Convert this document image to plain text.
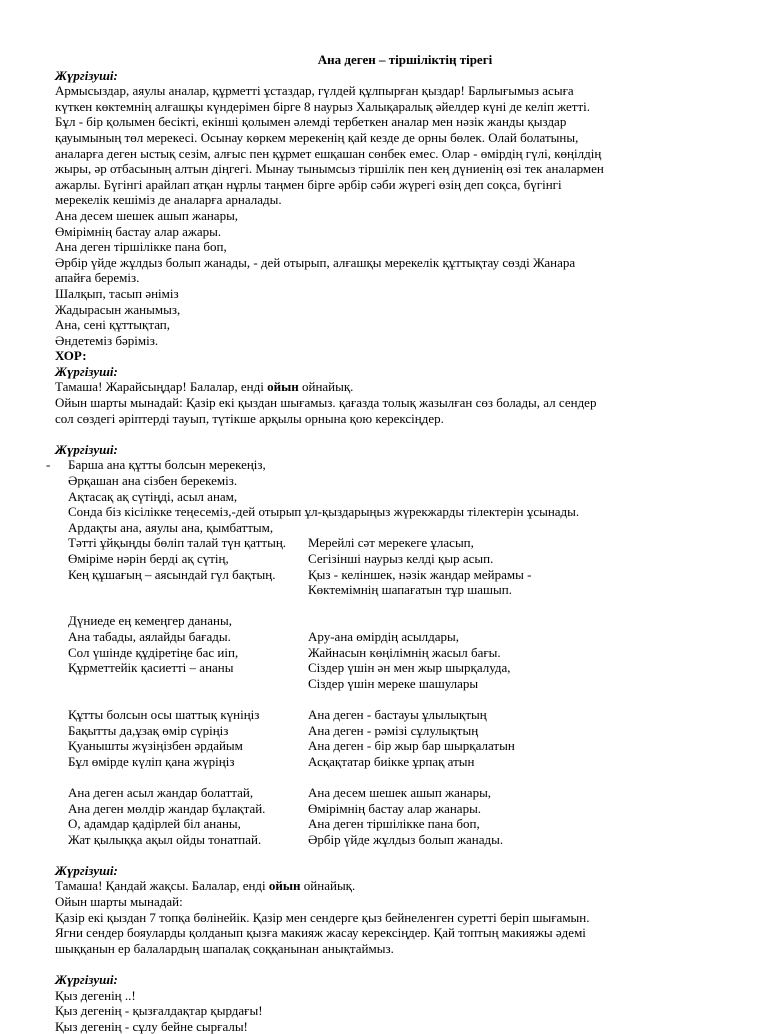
Ана деген – тіршіліктің тірегі
Жүргізуші:
Армысыздар, аяулы аналар, құрметті ұстаздар, гүлдей құлпырған қыздар! Барлығымыз асыға
күткен көктемнің алғашқы күндерімен бірге 8 наурыз Халықаралық әйелдер күні де келіп жетті.
Бұл - бір қолымен бесікті, екінші қолымен әлемді тербеткен аналар мен нәзік жанды қыздар
қауымының төл мерекесі. Осынау көркем мерекенің қай кезде де орны бөлек. Олай болатыны,
аналарға деген ыстық сезім, алғыс пен құрмет ешқашан сөнбек емес. Олар - өмірдің гүлі, көңілдің
жыры, әр отбасының алтын діңгегі. Мынау тынымсыз тіршілік пен кең дүниенің өзі тек аналармен
ажарлы. Бүгінгі арайлап атқан нұрлы таңмен бірге әрбір сәби жүрегі өзің деп соқса, бүгінгі
мерекелік кешіміз де аналарға арналады.
Ана десем шешек ашып жанары,
Өмірімнің бастау алар ажары.
Ана деген тіршілікке пана боп,
Әрбір үйде жұлдыз болып жанады, - дей отырып, алғашқы мерекелік құттықтау сөзді Жанара
апайға береміз.
Шалқып, тасып әніміз
Жадырасын жанымыз,
Ана, сені құттықтап,
Әндетеміз бәріміз.
ХОР:
Жүргізуші:
Тамаша! Жарайсыңдар! Балалар, енді ойын ойнайық.
Ойын шарты мынадай: Қазір екі қыздан шығамыз. қағазда толық жазылған сөз болады, ал сендер
сол сөздегі әріптерді тауып, түтікше арқылы орнына қою керексіңдер.
Жүргізуші:
- Барша ана құтты болсын мерекеңіз,
Әрқашан ана сізбен берекеміз.
Ақтасақ ақ сүтіңді, асыл анам,
Сонда біз кісілікке теңесеміз,-дей отырып ұл-қыздарыңыз жүрекжарды тілектерін ұсынады.
Ардақты ана, аяулы ана, қымбаттым,
Тәтті ұйқыңды бөліп талай түн қаттың.	Мерейлі сәт мерекеге ұласып,
Өміріме нәрін берді ақ сүтің,	Сегізінші наурыз келді қыр асып.
Кең құшағың – аясындай гүл бақтың.	Қыз - келіншек, нәзік жандар мейрамы -

Көктемімнің шапағатын тұр шашып.
Дүниеде ең кемеңгер дананы,

Ана табады, аялайды бағады.	Ару-ана өмірдің асылдары,
Сол үшінде құдіретіңе бас иіп,	Жайнасын көңілімнің жасыл бағы.
Құрметтейік қасиетті – ананы	Сіздер үшін ән мен жыр шырқалуда,

Сіздер үшін мереке шашулары
Құтты болсын осы шаттық күніңіз	Ана деген - бастауы ұлылықтың
Бақытты да,ұзақ өмір сүріңіз	Ана деген - рәмізі сұлулықтың
Қуанышты жүзіңізбен әрдайым	Ана деген - бір жыр бар шырқалатын
Бұл өмірде күліп қана жүріңіз	Асқақтатар биікке ұрпақ атын
Ана деген асыл жандар болаттай,	Ана десем шешек ашып жанары,
Ана деген мөлдір жандар бұлақтай.	Өмірімнің бастау алар жанары.
О, адамдар қадірлей біл ананы,	Ана деген тіршілікке пана боп,
Жат қылыққа ақыл ойды тонатпай.	Әрбір үйде жұлдыз болып жанады.
Жүргізуші:
Тамаша! Қандай жақсы. Балалар, енді ойын ойнайық.
Ойын шарты мынадай:
Қазір екі қыздан 7 топқа бөлінейік. Қазір мен сендерге қыз бейнеленген суретті беріп шығамын.
Ягни сендер бояуларды қолданып қызға макияж жасау керексіңдер. Қай топтың макияжы әдемі
шыққанын ер балалардың шапалақ соққанынан анықтаймыз.
Жүргізуші:
Қыз дегенің ..!
Қыз дегенің - қызғалдақтар қырдағы!
Қыз дегенің - сұлу бейне сырғалы!
